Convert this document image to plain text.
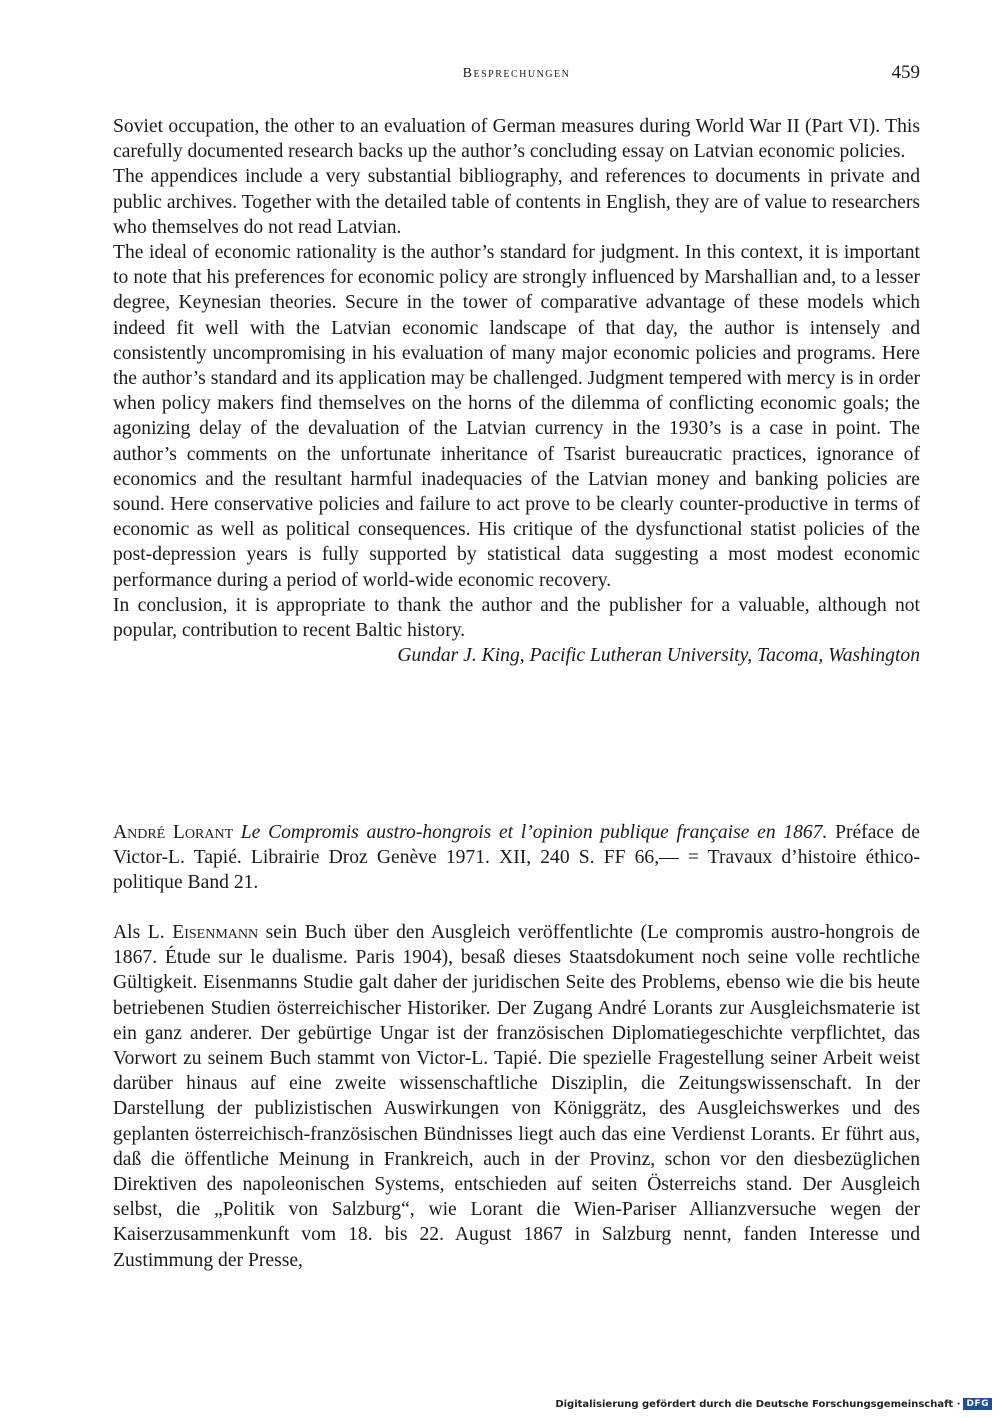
Besprechungen	459

Soviet occupation, the other to an evaluation of German measures during World War II (Part VI). This carefully documented research backs up the author’s concluding essay on Latvian economic policies.

The appendices include a very substantial bibliography, and references to documents in private and public archives. Together with the detailed table of contents in English, they are of value to researchers who themselves do not read Latvian.

The ideal of economic rationality is the author’s standard for judgment. In this context, it is important to note that his preferences for economic policy are strongly influenced by Marshallian and, to a lesser degree, Keynesian theories. Secure in the tower of comparative advantage of these models which indeed fit well with the Latvian economic landscape of that day, the author is intensely and consistently uncompromising in his evaluation of many major economic policies and programs. Here the author’s standard and its application may be challenged. Judgment tempered with mercy is in order when policy makers find themselves on the horns of the dilemma of conflicting economic goals; the agonizing delay of the devaluation of the Latvian currency in the 1930’s is a case in point. The author’s comments on the unfortunate inheritance of Tsarist bureaucratic practices, ignorance of economics and the resultant harmful inadequacies of the Latvian money and banking policies are sound. Here conservative policies and failure to act prove to be clearly counter-productive in terms of economic as well as political consequences. His critique of the dysfunctional statist policies of the post-depression years is fully supported by statistical data suggesting a most modest economic performance during a period of world-wide economic recovery.

In conclusion, it is appropriate to thank the author and the publisher for a valuable, although not popular, contribution to recent Baltic history.

Gundar J. King, Pacific Lutheran University, Tacoma, Washington

André Lorant Le Compromis austro-hongrois et l’opinion publique française en 1867. Préface de Victor-L. Tapié. Librairie Droz Genève 1971. XII, 240 S. FF 66,— = Travaux d’histoire éthico-politique Band 21.

Als L. Eisenmann sein Buch über den Ausgleich veröffentlichte (Le compromis austro-hongrois de 1867. Étude sur le dualisme. Paris 1904), besaß dieses Staatsdokument noch seine volle rechtliche Gültigkeit. Eisenmanns Studie galt daher der juridischen Seite des Problems, ebenso wie die bis heute betriebenen Studien österreichischer Historiker. Der Zugang André Lorants zur Ausgleichsmaterie ist ein ganz anderer. Der gebürtige Ungar ist der französischen Diplomatiegeschichte verpflichtet, das Vorwort zu seinem Buch stammt von Victor-L. Tapié. Die spezielle Fragestellung seiner Arbeit weist darüber hinaus auf eine zweite wissenschaftliche Disziplin, die Zeitungswissenschaft. In der Darstellung der publizistischen Auswirkungen von Königgrätz, des Ausgleichswerkes und des geplanten österreichisch-französischen Bündnisses liegt auch das eine Verdienst Lorants. Er führt aus, daß die öffentliche Meinung in Frankreich, auch in der Provinz, schon vor den diesbezüglichen Direktiven des napoleonischen Systems, entschieden auf seiten Österreichs stand. Der Ausgleich selbst, die „Politik von Salzburg“, wie Lorant die Wien-Pariser Allianzversuche wegen der Kaiserzusammenkunft vom 18. bis 22. August 1867 in Salzburg nennt, fanden Interesse und Zustimmung der Presse,

Digitalisierung gefördert durch die Deutsche Forschungsgemeinschaft · DFG
